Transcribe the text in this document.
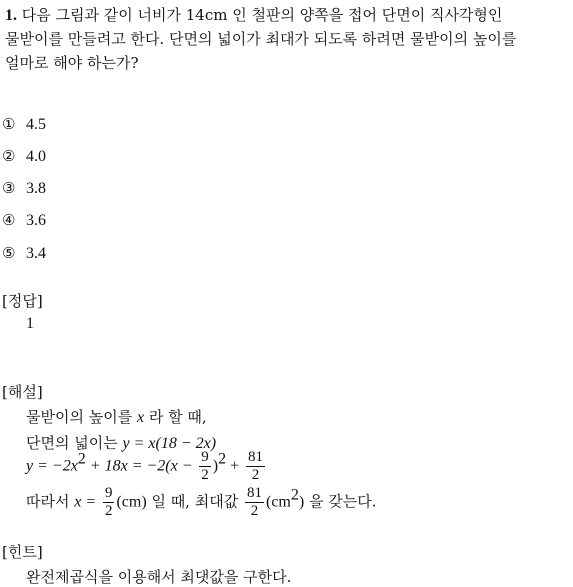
1. 다음 그림과 같이 너비가 14cm 인 철판의 양쪽을 접어 단면이 직사각형인
물받이를 만들려고 한다. 단면의 넓이가 최대가 되도록 하려면 물받이의 높이를
얼마로 해야 하는가?
① 4.5
② 4.0
③ 3.8
④ 3.6
⑤ 3.4
[정답]
1
[해설]
물받이의 높이를 x 라 할 때,
단면의 넓이는 y = x(18 − 2x)
$y = -2x^2 + 18x = -2(x - \frac{9}{2} )^2 + \frac{81}{2}$
따라서 $x = \frac{9}{2} (cm)$ 일 때, 최대값 $\frac{81}{2} (cm^2)$ 을 갖는다.
[힌트]
완전제곱식을 이용해서 최댓값을 구한다.
